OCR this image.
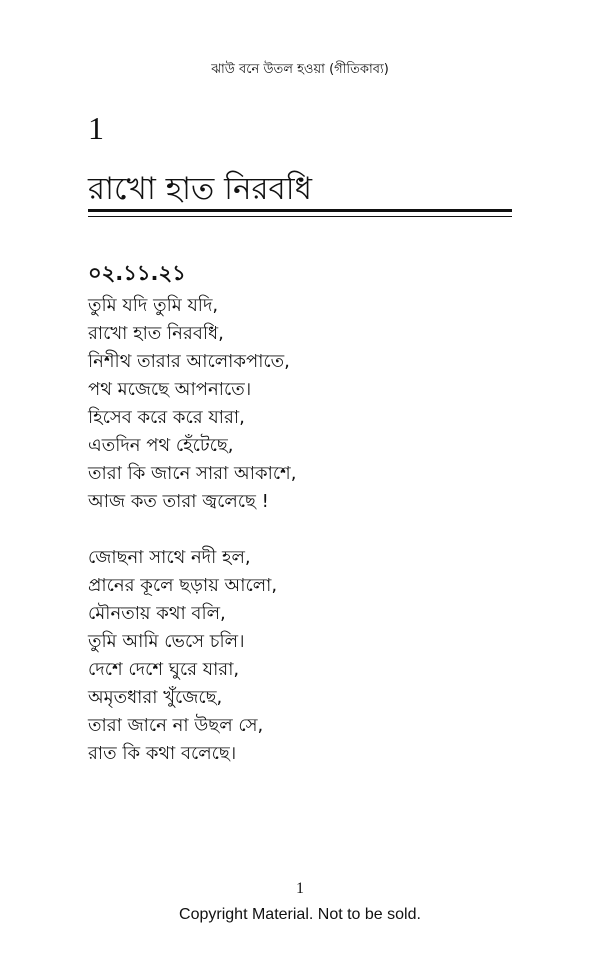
ঝাউ বনে উতল হওয়া (গীতিকাব্য)
1
রাখো হাত নিরবধি
০২.১১.২১
তুমি যদি তুমি যদি,
রাখো হাত নিরবধি,
নিশীথ তারার আলোকপাতে,
পথ মজেছে আপনাতে।
হিসেব করে করে যারা,
এতদিন পথ হেঁটেছে,
তারা কি জানে সারা আকাশে,
আজ কত তারা জ্বলেছে !
জোছনা সাথে নদী হল,
প্রানের কূলে ছড়ায় আলো,
মৌনতায় কথা বলি,
তুমি আমি ভেসে চলি।
দেশে দেশে ঘুরে যারা,
অমৃতধারা খুঁজেছে,
তারা জানে না উছল সে,
রাত কি কথা বলেছে।
1
Copyright Material. Not to be sold.
